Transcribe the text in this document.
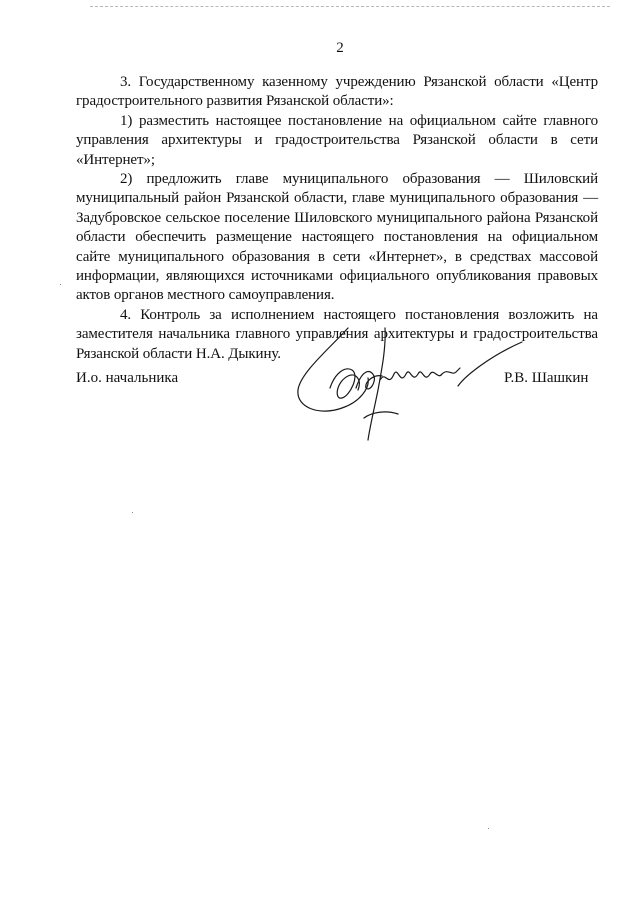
2

3. Государственному казенному учреждению Рязанской области «Центр градостроительного развития Рязанской области»:

1) разместить настоящее постановление на официальном сайте главного управления архитектуры и градостроительства Рязанской области в сети «Интернет»;

2) предложить главе муниципального образования — Шиловский муниципальный район Рязанской области, главе муниципального образования — Задубровское сельское поселение Шиловского муниципального района Рязанской области обеспечить размещение настоящего постановления на официальном сайте муниципального образования в сети «Интернет», в средствах массовой информации, являющихся источниками официального опубликования правовых актов органов местного самоуправления.

4. Контроль за исполнением настоящего постановления возложить на заместителя начальника главного управления архитектуры и градостроительства Рязанской области Н.А. Дыкину.

И.о. начальника	Р.В. Шашкин
